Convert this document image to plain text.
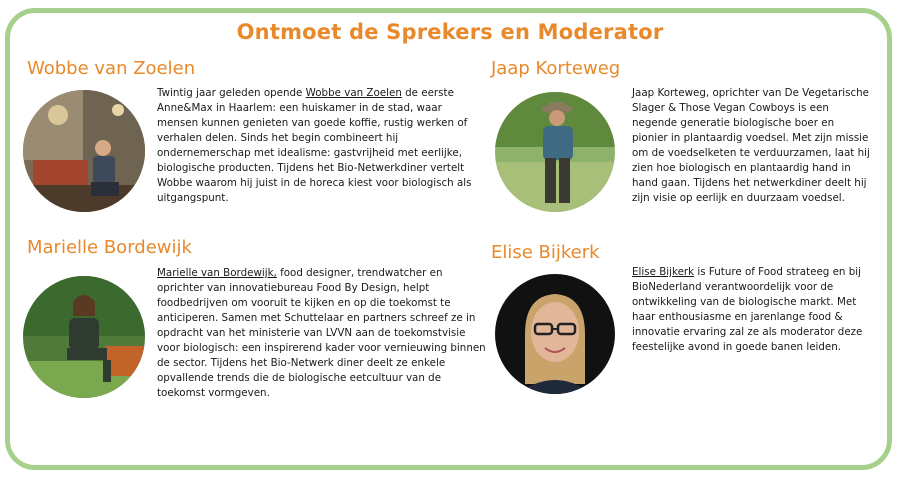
Ontmoet de Sprekers en Moderator
Wobbe van Zoelen
Twintig jaar geleden opende Wobbe van Zoelen de eerste Anne&Max in Haarlem: een huiskamer in de stad, waar mensen kunnen genieten van goede koffie, rustig werken of verhalen delen. Sinds het begin combineert hij ondernemerschap met idealisme: gastvrijheid met eerlijke, biologische producten. Tijdens het Bio-Netwerkdiner vertelt Wobbe waarom hij juist in de horeca kiest voor biologisch als uitgangspunt.
Jaap Korteweg
Jaap Korteweg, oprichter van De Vegetarische Slager & Those Vegan Cowboys is een negende generatie biologische boer en pionier in plantaardig voedsel. Met zijn missie om de voedselketen te verduurzamen, laat hij zien hoe biologisch en plantaardig hand in hand gaan. Tijdens het netwerkdiner deelt hij zijn visie op eerlijk en duurzaam voedsel.
Marielle Bordewijk
Marielle van Bordewijk, food designer, trendwatcher en oprichter van innovatiebureau Food By Design, helpt foodbedrijven om vooruit te kijken en op die toekomst te anticiperen. Samen met Schuttelaar en partners schreef ze in opdracht van het ministerie van LVVN aan de toekomstvisie voor biologisch: een inspirerend kader voor vernieuwing binnen de sector. Tijdens het Bio-Netwerk diner deelt ze enkele opvallende trends die de biologische eetcultuur van de toekomst vormgeven.
Elise Bijkerk
Elise Bijkerk is Future of Food strateeg en bij BioNederland verantwoordelijk voor de ontwikkeling van de biologische markt. Met haar enthousiasme en jarenlange food & innovatie ervaring zal ze als moderator deze feestelijke avond in goede banen leiden.
